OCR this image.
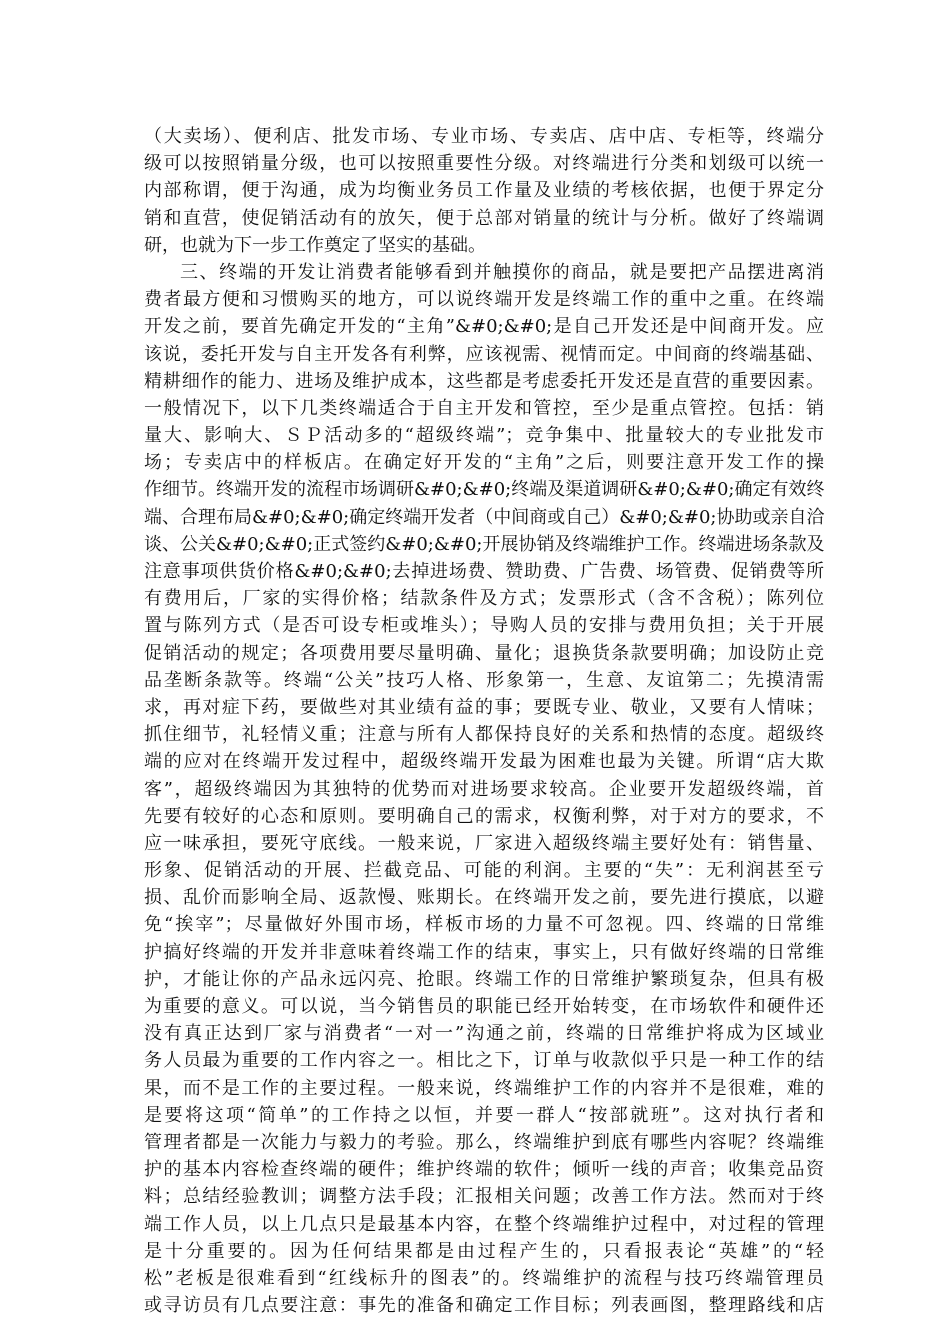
（大卖场）、便利店、批发市场、专业市场、专卖店、店中店、专柜等，终端分
级可以按照销量分级，也可以按照重要性分级。对终端进行分类和划级可以统一
内部称谓，便于沟通，成为均衡业务员工作量及业绩的考核依据，也便于界定分
销和直营，使促销活动有的放矢，便于总部对销量的统计与分析。做好了终端调
研，也就为下一步工作奠定了坚实的基础。
三、终端的开发让消费者能够看到并触摸你的商品，就是要把产品摆进离消
费者最方便和习惯购买的地方，可以说终端开发是终端工作的重中之重。在终端
开发之前，要首先确定开发的“主角”&#0;&#0;是自己开发还是中间商开发。应
该说，委托开发与自主开发各有利弊，应该视需、视情而定。中间商的终端基础、
精耕细作的能力、进场及维护成本，这些都是考虑委托开发还是直营的重要因素。
一般情况下，以下几类终端适合于自主开发和管控，至少是重点管控。包括：销
量大、影响大、ＳＰ活动多的“超级终端”；竞争集中、批量较大的专业批发市
场；专卖店中的样板店。在确定好开发的“主角”之后，则要注意开发工作的操
作细节。终端开发的流程市场调研&#0;&#0;终端及渠道调研&#0;&#0;确定有效终
端、合理布局&#0;&#0;确定终端开发者（中间商或自己）&#0;&#0;协助或亲自洽
谈、公关&#0;&#0;正式签约&#0;&#0;开展协销及终端维护工作。终端进场条款及
注意事项供货价格&#0;&#0;去掉进场费、赞助费、广告费、场管费、促销费等所
有费用后，厂家的实得价格；结款条件及方式；发票形式（含不含税）；陈列位
置与陈列方式（是否可设专柜或堆头）；导购人员的安排与费用负担；关于开展
促销活动的规定；各项费用要尽量明确、量化；退换货条款要明确；加设防止竞
品垄断条款等。终端“公关”技巧人格、形象第一，生意、友谊第二；先摸清需
求，再对症下药，要做些对其业绩有益的事；要既专业、敬业，又要有人情味；
抓住细节，礼轻情义重；注意与所有人都保持良好的关系和热情的态度。超级终
端的应对在终端开发过程中，超级终端开发最为困难也最为关键。所谓“店大欺
客”，超级终端因为其独特的优势而对进场要求较高。企业要开发超级终端，首
先要有较好的心态和原则。要明确自己的需求，权衡利弊，对于对方的要求，不
应一味承担，要死守底线。一般来说，厂家进入超级终端主要好处有：销售量、
形象、促销活动的开展、拦截竞品、可能的利润。主要的“失”：无利润甚至亏
损、乱价而影响全局、返款慢、账期长。在终端开发之前，要先进行摸底，以避
免“挨宰”；尽量做好外围市场，样板市场的力量不可忽视。四、终端的日常维
护搞好终端的开发并非意味着终端工作的结束，事实上，只有做好终端的日常维
护，才能让你的产品永远闪亮、抢眼。终端工作的日常维护繁琐复杂，但具有极
为重要的意义。可以说，当今销售员的职能已经开始转变，在市场软件和硬件还
没有真正达到厂家与消费者“一对一”沟通之前，终端的日常维护将成为区域业
务人员最为重要的工作内容之一。相比之下，订单与收款似乎只是一种工作的结
果，而不是工作的主要过程。一般来说，终端维护工作的内容并不是很难，难的
是要将这项“简单”的工作持之以恒，并要一群人“按部就班”。这对执行者和
管理者都是一次能力与毅力的考验。那么，终端维护到底有哪些内容呢？终端维
护的基本内容检查终端的硬件；维护终端的软件；倾听一线的声音；收集竞品资
料；总结经验教训；调整方法手段；汇报相关问题；改善工作方法。然而对于终
端工作人员，以上几点只是最基本内容，在整个终端维护过程中，对过程的管理
是十分重要的。因为任何结果都是由过程产生的，只看报表论“英雄”的“轻
松”老板是很难看到“红线标升的图表”的。终端维护的流程与技巧终端管理员
或寻访员有几点要注意：事先的准备和确定工作目标；列表画图，整理路线和店
